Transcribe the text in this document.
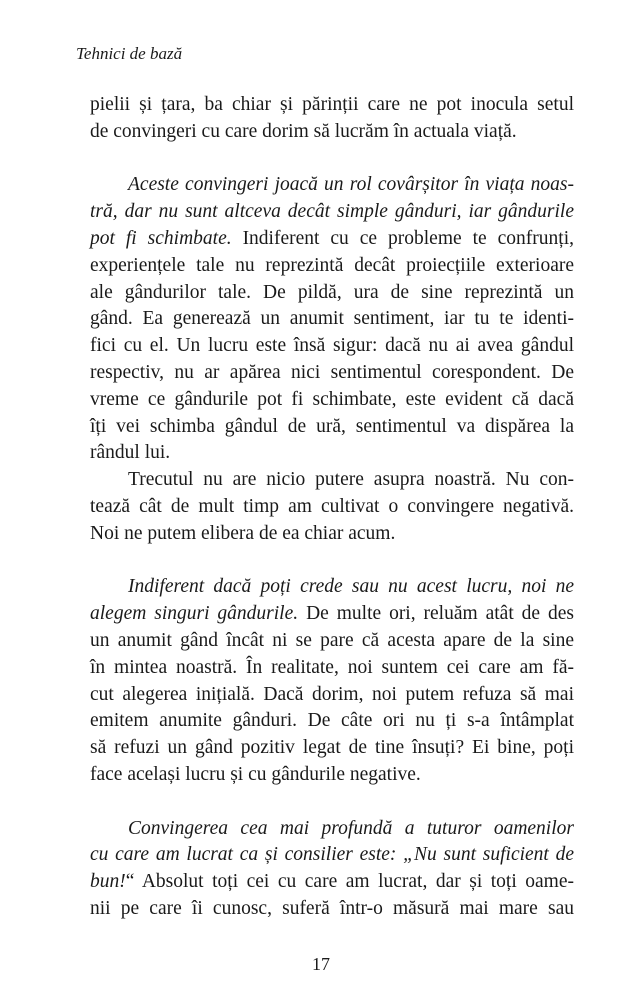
Tehnici de bază
pielii și țara, ba chiar și părinții care ne pot inocula setul
de convingeri cu care dorim să lucrăm în actuala viață.
Aceste convingeri joacă un rol covârșitor în viața noas-
tră, dar nu sunt altceva decât simple gânduri, iar gândurile
pot fi schimbate. Indiferent cu ce probleme te confrunți,
experiențele tale nu reprezintă decât proiecțiile exterioare
ale gândurilor tale. De pildă, ura de sine reprezintă un
gând. Ea generează un anumit sentiment, iar tu te identi-
fici cu el. Un lucru este însă sigur: dacă nu ai avea gândul
respectiv, nu ar apărea nici sentimentul corespondent. De
vreme ce gândurile pot fi schimbate, este evident că dacă
îți vei schimba gândul de ură, sentimentul va dispărea la
rândul lui.
Trecutul nu are nicio putere asupra noastră. Nu con-
tează cât de mult timp am cultivat o convingere negativă.
Noi ne putem elibera de ea chiar acum.
Indiferent dacă poți crede sau nu acest lucru, noi ne
alegem singuri gândurile. De multe ori, reluăm atât de des
un anumit gând încât ni se pare că acesta apare de la sine
în mintea noastră. În realitate, noi suntem cei care am fă-
cut alegerea inițială. Dacă dorim, noi putem refuza să mai
emitem anumite gânduri. De câte ori nu ți s-a întâmplat
să refuzi un gând pozitiv legat de tine însuți? Ei bine, poți
face același lucru și cu gândurile negative.
Convingerea cea mai profundă a tuturor oamenilor
cu care am lucrat ca și consilier este: „Nu sunt suficient de
bun!“ Absolut toți cei cu care am lucrat, dar și toți oame-
nii pe care îi cunosc, suferă într-o măsură mai mare sau
17
